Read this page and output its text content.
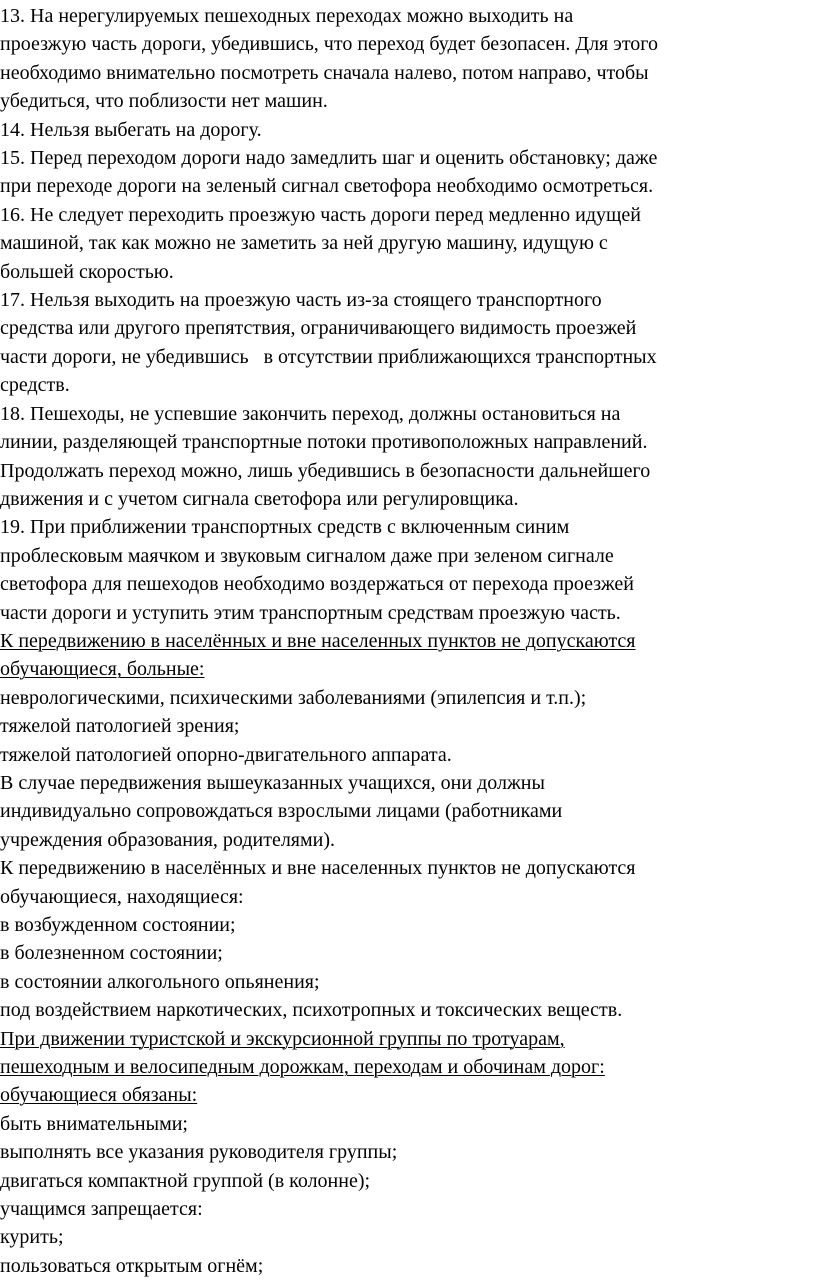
13. На нерегулируемых пешеходных переходах можно выходить на
проезжую часть дороги, убедившись, что переход будет безопасен. Для этого
необходимо внимательно посмотреть сначала налево, потом направо, чтобы
убедиться, что поблизости нет машин.
14. Нельзя выбегать на дорогу.
15. Перед переходом дороги надо замедлить шаг и оценить обстановку; даже
при переходе дороги на зеленый сигнал светофора необходимо осмотреться.
16. Не следует переходить проезжую часть дороги перед медленно идущей
машиной, так как можно не заметить за ней другую машину, идущую с
большей скоростью.
17. Нельзя выходить на проезжую часть из-за стоящего транспортного
средства или другого препятствия, ограничивающего видимость проезжей
части дороги, не убедившись   в отсутствии приближающихся транспортных
средств.
18. Пешеходы, не успевшие закончить переход, должны остановиться на
линии, разделяющей транспортные потоки противоположных направлений.
Продолжать переход можно, лишь убедившись в безопасности дальнейшего
движения и с учетом сигнала светофора или регулировщика.
19. При приближении транспортных средств с включенным синим
проблесковым маячком и звуковым сигналом даже при зеленом сигнале
светофора для пешеходов необходимо воздержаться от перехода проезжей
части дороги и уступить этим транспортным средствам проезжую часть.
К передвижению в населённых и вне населенных пунктов не допускаются
обучающиеся, больные:
неврологическими, психическими заболеваниями (эпилепсия и т.п.);
тяжелой патологией зрения;
тяжелой патологией опорно-двигательного аппарата.
В случае передвижения вышеуказанных учащихся, они должны
индивидуально сопровождаться взрослыми лицами (работниками
учреждения образования, родителями).
К передвижению в населённых и вне населенных пунктов не допускаются
обучающиеся, находящиеся:
в возбужденном состоянии;
в болезненном состоянии;
в состоянии алкогольного опьянения;
под воздействием наркотических, психотропных и токсических веществ.
При движении туристской и экскурсионной группы по тротуарам,
пешеходным и велосипедным дорожкам, переходам и обочинам дорог:
обучающиеся обязаны:
быть внимательными;
выполнять все указания руководителя группы;
двигаться компактной группой (в колонне);
учащимся запрещается:
курить;
пользоваться открытым огнём;
